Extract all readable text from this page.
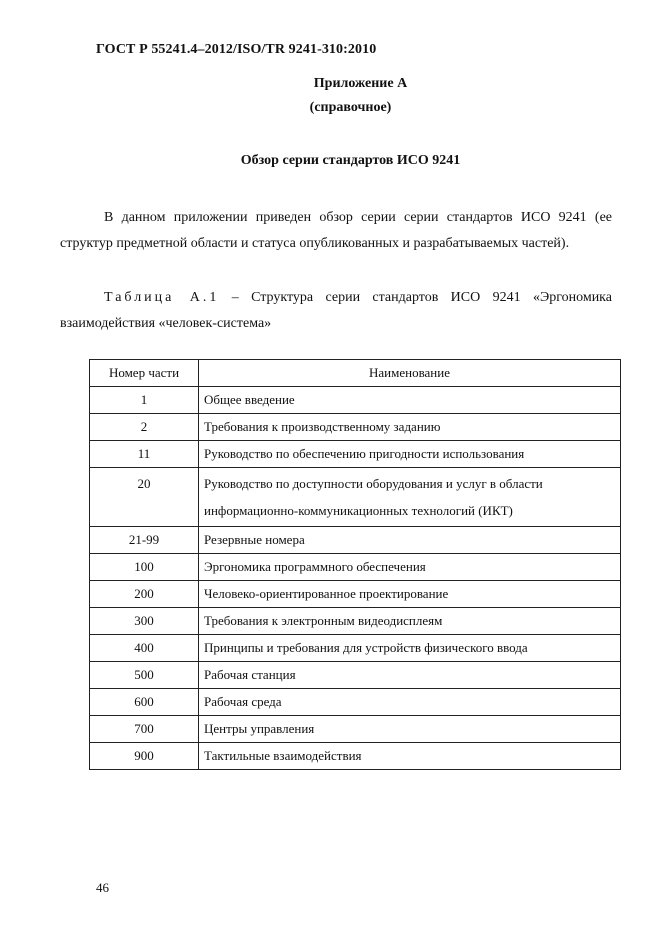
ГОСТ Р 55241.4–2012/ISO/TR 9241-310:2010
Приложение А
(справочное)
Обзор серии стандартов ИСО 9241
В данном приложении приведен обзор серии серии стандартов ИСО 9241 (ее структур предметной области и статуса опубликованных и разрабатываемых частей).
Таблица А.1 – Структура серии стандартов ИСО 9241 «Эргономика взаимодействия «человек-система»
Номер части	Наименование
1	Общее введение
2	Требования к производственному заданию
11	Руководство по обеспечению пригодности использования
20	Руководство по доступности оборудования и услуг в области информационно-коммуникационных технологий (ИКТ)
21-99	Резервные номера
100	Эргономика программного обеспечения
200	Человеко-ориентированное проектирование
300	Требования к электронным видеодисплеям
400	Принципы и требования для устройств физического ввода
500	Рабочая станция
600	Рабочая среда
700	Центры управления
900	Тактильные взаимодействия
46
